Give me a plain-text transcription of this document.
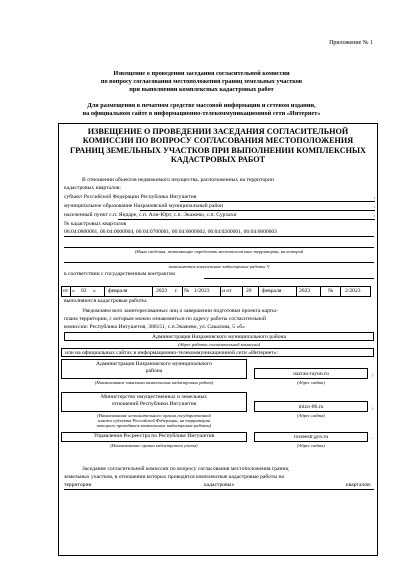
Приложение № 1
Извещение о проведении заседания согласительной комиссии
по вопросу согласования местоположения границ земельных участков
при выполнении комплексных кадастровых работ
Для размещения в печатном средстве массовой информации и сетевом издании,
на официальном сайте в информационно-телекоммуникационной сети «Интернет»
ИЗВЕЩЕНИЕ О ПРОВЕДЕНИИ ЗАСЕДАНИЯ СОГЛАСИТЕЛЬНОЙ
КОМИССИИ ПО ВОПРОСУ СОГЛАСОВАНИЯ МЕСТОПОЛОЖЕНИЯ
ГРАНИЦ ЗЕМЕЛЬНЫХ УЧАСТКОВ ПРИ ВЫПОЛНЕНИИ КОМПЛЕКСНЫХ
КАДАСТРОВЫХ РАБОТ
В отношении объектов недвижимого имущества, расположенных на территории
кадастровых кварталов:
субъект Российской Федерации Республика Ингушетия	,
муниципальное образование Назрановский муниципальный район	,
населенный пункт с.п. Яндаре, с.п. Али-Юрт, с.п. Экажево, с.п. Сурхахи	,
№ кадастровых кварталов
06:04:0800001, 06:04:0000004, 06:04:0700001, 06:04:0600002, 06:04:0200001, 06:04:0600003
(Иные сведения, позволяющие определить местоположение территории, на которой
выполняются комплексные кадастровые работы ¹)
в соответствии с государственным контрактом
от « 03 » февраля	2023 г. № 1/2023 и от	20 февраля	2023	№ 2/2023
выполняются кадастровые работы.
Уведомляем всех заинтересованных лиц о завершении подготовки проекта карты-
плана территории, с которым можно ознакомиться по адресу работы согласительной
комиссии: Республика Ингушетия, 386151, с.п.Экажево, ул. Сакалова, 5 «б»
Администрация Назрановского муниципального района
(Адрес работы согласительной комиссии)
или на официальных сайтах в информационно-телекоммуникационной сети «Интернет»:
Администрация Назрановского муниципального
района	nazran-rayon.ru	;
(Наименование заказчика комплексных кадастровых работ)	(Адрес сайта)
Министерство имущественных и земельных
отношений Республики Ингушетия	mizo-06.ru	;
(Наименование исполнительного органа государственной
власти субъекта Российской Федерации, на территории
которого проводятся комплексные кадастровые работы)
(Адрес сайта)
Управления Росреестра по Республике Ингушетия	rosreestr.gov.ru	.
(Наименование органа кадастрового учета)	(Адрес сайта)
Заседание согласительной комиссии по вопросу согласования местоположения границ
земельных участков, в отношении которых проводятся комплексные кадастровые работы на
территории	кадастровых	кварталов:
